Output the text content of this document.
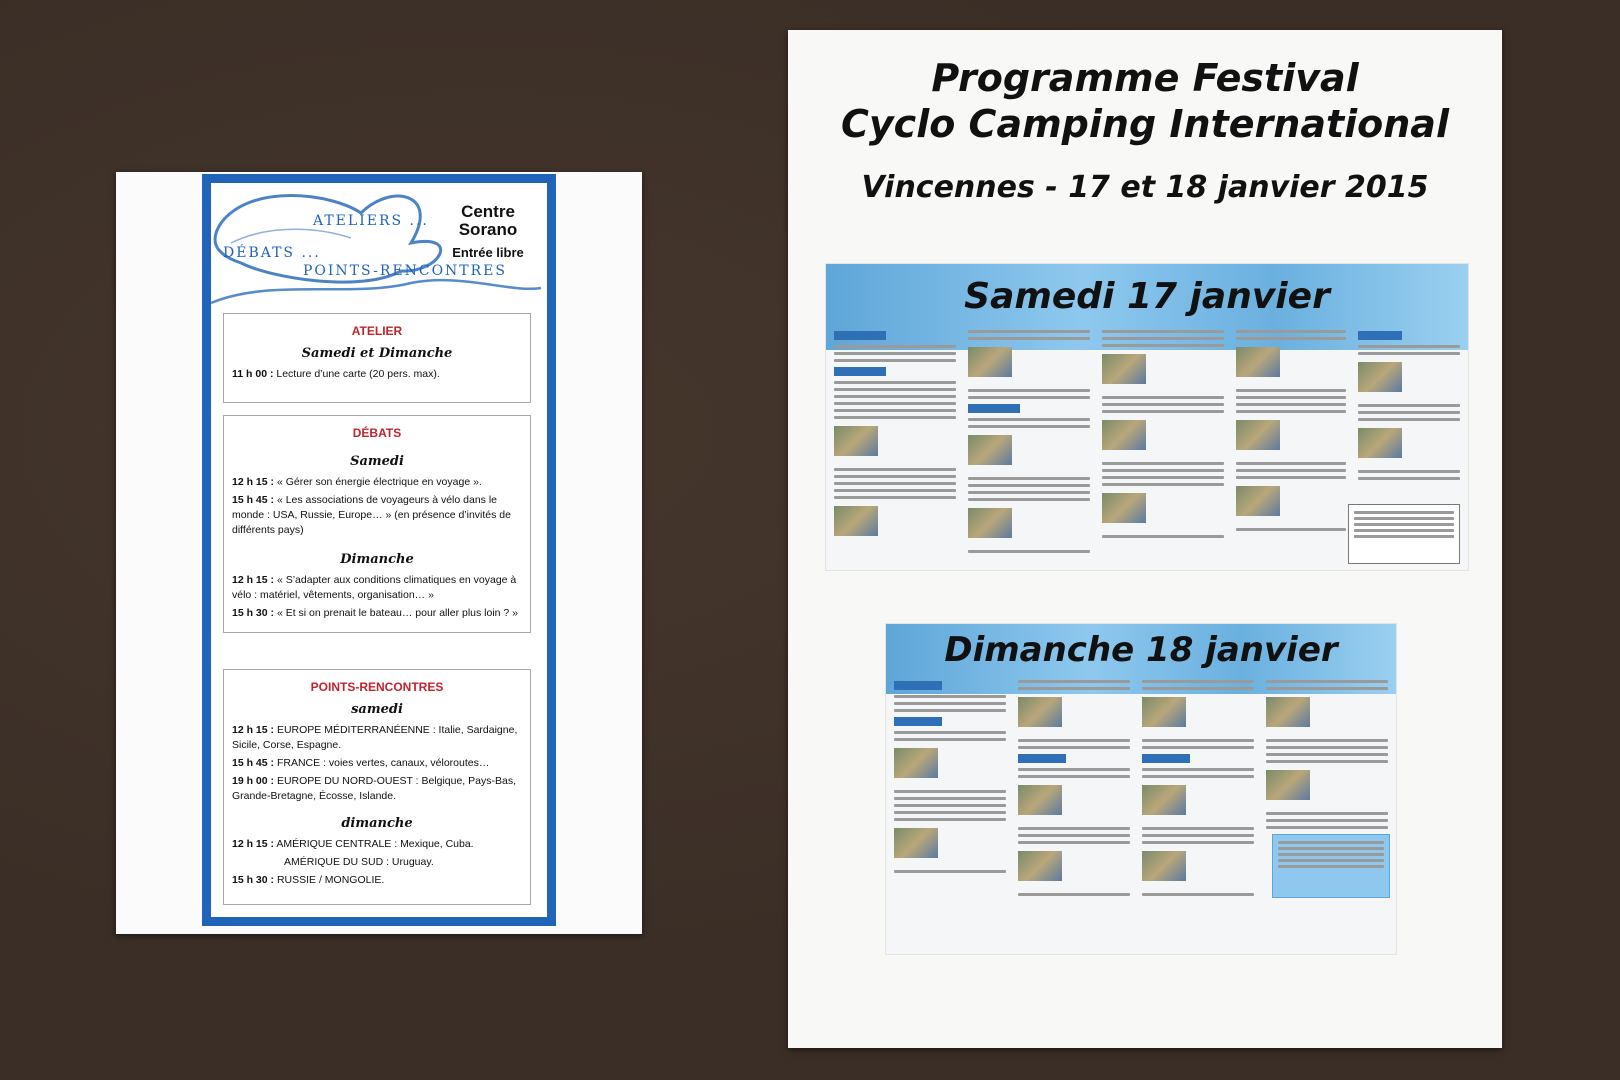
ATELIERS ...
DÉBATS ...
POINTS-RENCONTRES
Centre Sorano
Entrée libre
ATELIER
Samedi et Dimanche
11 h 00 : Lecture d’une carte (20 pers. max).
DÉBATS
Samedi
12 h 15 : « Gérer son énergie électrique en voyage ».
15 h 45 : « Les associations de voyageurs à vélo dans le monde : USA, Russie, Europe… » (en présence d’invités de différents pays)
Dimanche
12 h 15 : « S’adapter aux conditions climatiques en voyage à vélo : matériel, vêtements, organisation… »
15 h 30 : « Et si on prenait le bateau… pour aller plus loin ? »
POINTS-RENCONTRES
samedi
12 h 15 : EUROPE MÉDITERRANÉENNE : Italie, Sardaigne, Sicile, Corse, Espagne.
15 h 45 : FRANCE : voies vertes, canaux, véloroutes…
19 h 00 : EUROPE DU NORD-OUEST : Belgique, Pays-Bas, Grande-Bretagne, Écosse, Islande.
dimanche
12 h 15 : AMÉRIQUE CENTRALE : Mexique, Cuba.
AMÉRIQUE DU SUD : Uruguay.
15 h 30 : RUSSIE / MONGOLIE.
Programme Festival
Cyclo Camping International
Vincennes - 17 et 18 janvier 2015
Samedi 17 janvier
Dimanche 18 janvier
